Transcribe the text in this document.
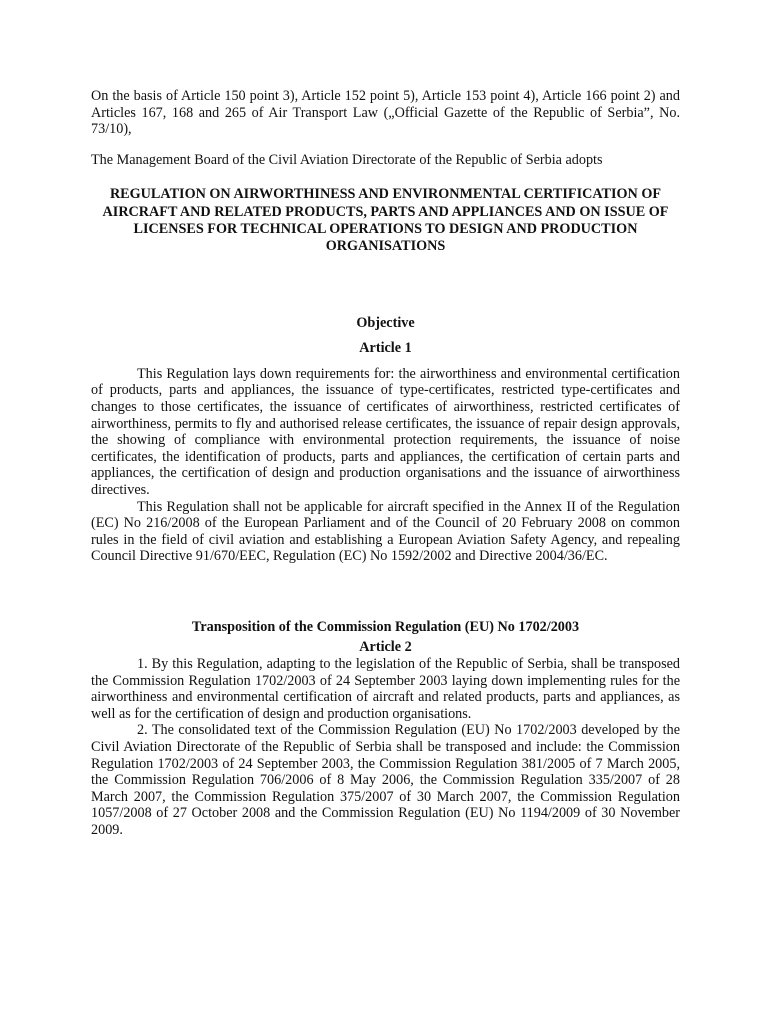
On the basis of Article 150 point 3), Article 152 point 5), Article 153 point 4), Article 166 point 2) and Articles 167, 168 and 265 of Air Transport Law („Official Gazette of the Republic of Serbia”, No. 73/10),

The Management Board of the Civil Aviation Directorate of the Republic of Serbia adopts

REGULATION ON AIRWORTHINESS AND ENVIRONMENTAL CERTIFICATION OF AIRCRAFT AND RELATED PRODUCTS, PARTS AND APPLIANCES AND ON ISSUE OF LICENSES FOR TECHNICAL OPERATIONS TO DESIGN AND PRODUCTION ORGANISATIONS
Objective
Article 1

This Regulation lays down requirements for: the airworthiness and environmental certification of products, parts and appliances, the issuance of type-certificates, restricted type-certificates and changes to those certificates, the issuance of certificates of airworthiness, restricted certificates of airworthiness, permits to fly and authorised release certificates, the issuance of repair design approvals, the showing of compliance with environmental protection requirements, the issuance of noise certificates, the identification of products, parts and appliances, the certification of certain parts and appliances, the certification of design and production organisations and the issuance of airworthiness directives.

This Regulation shall not be applicable for aircraft specified in the Annex II of the Regulation (EC) No 216/2008 of the European Parliament and of the Council of 20 February 2008 on common rules in the field of civil aviation and establishing a European Aviation Safety Agency, and repealing Council Directive 91/670/EEC, Regulation (EC) No 1592/2002 and Directive 2004/36/EC.

Transposition of the Commission Regulation (EU) No 1702/2003
Article 2

1. By this Regulation, adapting to the legislation of the Republic of Serbia, shall be transposed the Commission Regulation 1702/2003 of 24 September 2003 laying down implementing rules for the airworthiness and environmental certification of aircraft and related products, parts and appliances, as well as for the certification of design and production organisations.

2. The consolidated text of the Commission Regulation (EU) No 1702/2003 developed by the Civil Aviation Directorate of the Republic of Serbia shall be transposed and include: the Commission Regulation 1702/2003 of 24 September 2003, the Commission Regulation 381/2005 of 7 March 2005, the Commission Regulation 706/2006 of 8 May 2006, the Commission Regulation 335/2007 of 28 March 2007, the Commission Regulation 375/2007 of 30 March 2007, the Commission Regulation 1057/2008 of 27 October 2008 and the Commission Regulation (EU) No 1194/2009 of 30 November 2009.
